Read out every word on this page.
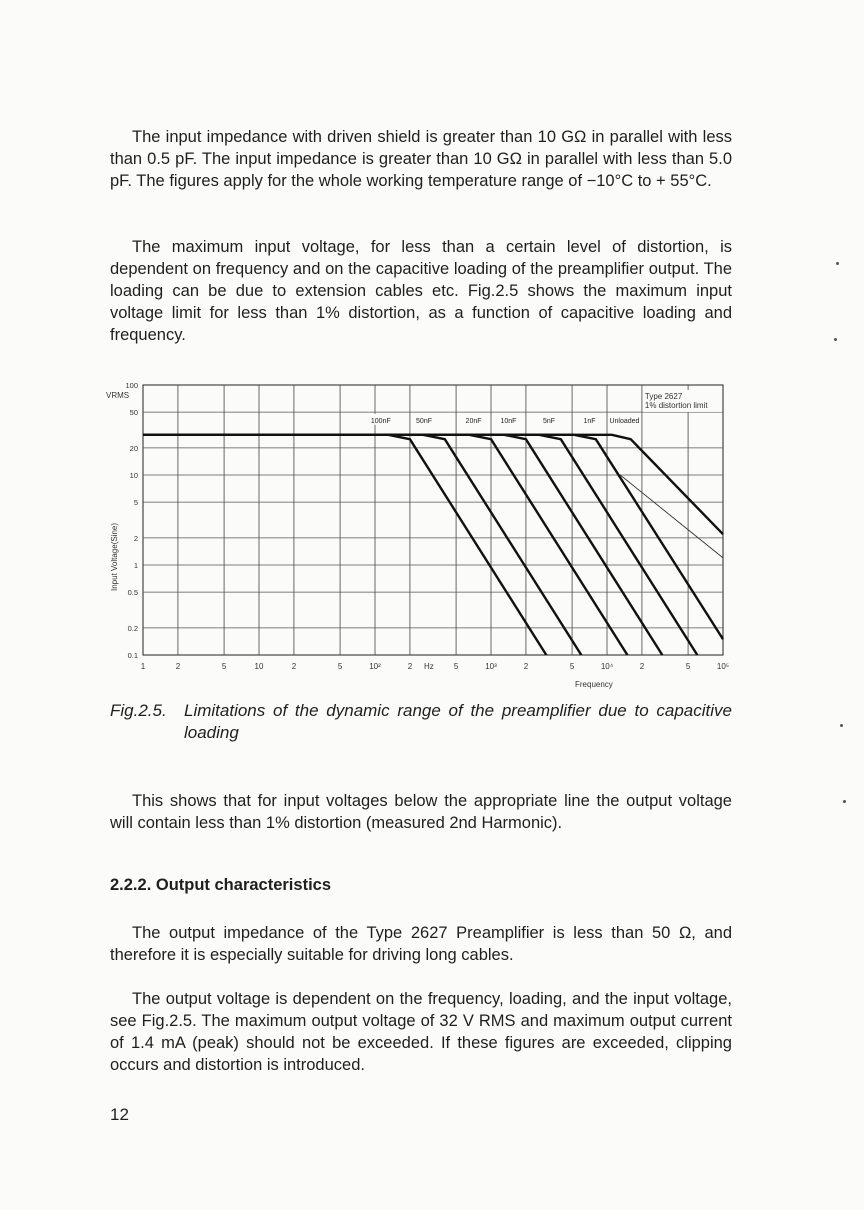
The input impedance with driven shield is greater than 10 GΩ in parallel with less than 0.5 pF. The input impedance is greater than 10 GΩ in parallel with less than 5.0 pF. The figures apply for the whole working temperature range of −10°C to + 55°C.

The maximum input voltage, for less than a certain level of distortion, is dependent on frequency and on the capacitive loading of the preamplifier output. The loading can be due to extension cables etc. Fig.2.5 shows the maximum input voltage limit for less than 1% distortion, as a function of capacitive loading and frequency.

1	2	5	10	2	5	10²	2	5	10³	2	5	10⁴	2	5	10⁵
100
50
20
10
5
2
1
0.5
0.2
0.1
100nF	50nF	20nF	10nF	5nF	1nF Unloaded
Type 2627 1% distortion limit
Input Voltage(Sine)
VRMS
Frequency
Hz
Fig.2.5. Limitations of the dynamic range of the preamplifier due to capacitive loading

This shows that for input voltages below the appropriate line the output voltage will contain less than 1% distortion (measured 2nd Harmonic).

2.2.2. Output characteristics

The output impedance of the Type 2627 Preamplifier is less than 50 Ω, and therefore it is especially suitable for driving long cables.

The output voltage is dependent on the frequency, loading, and the input voltage, see Fig.2.5. The maximum output voltage of 32 V RMS and maximum output current of 1.4 mA (peak) should not be exceeded. If these figures are exceeded, clipping occurs and distortion is introduced.

12
